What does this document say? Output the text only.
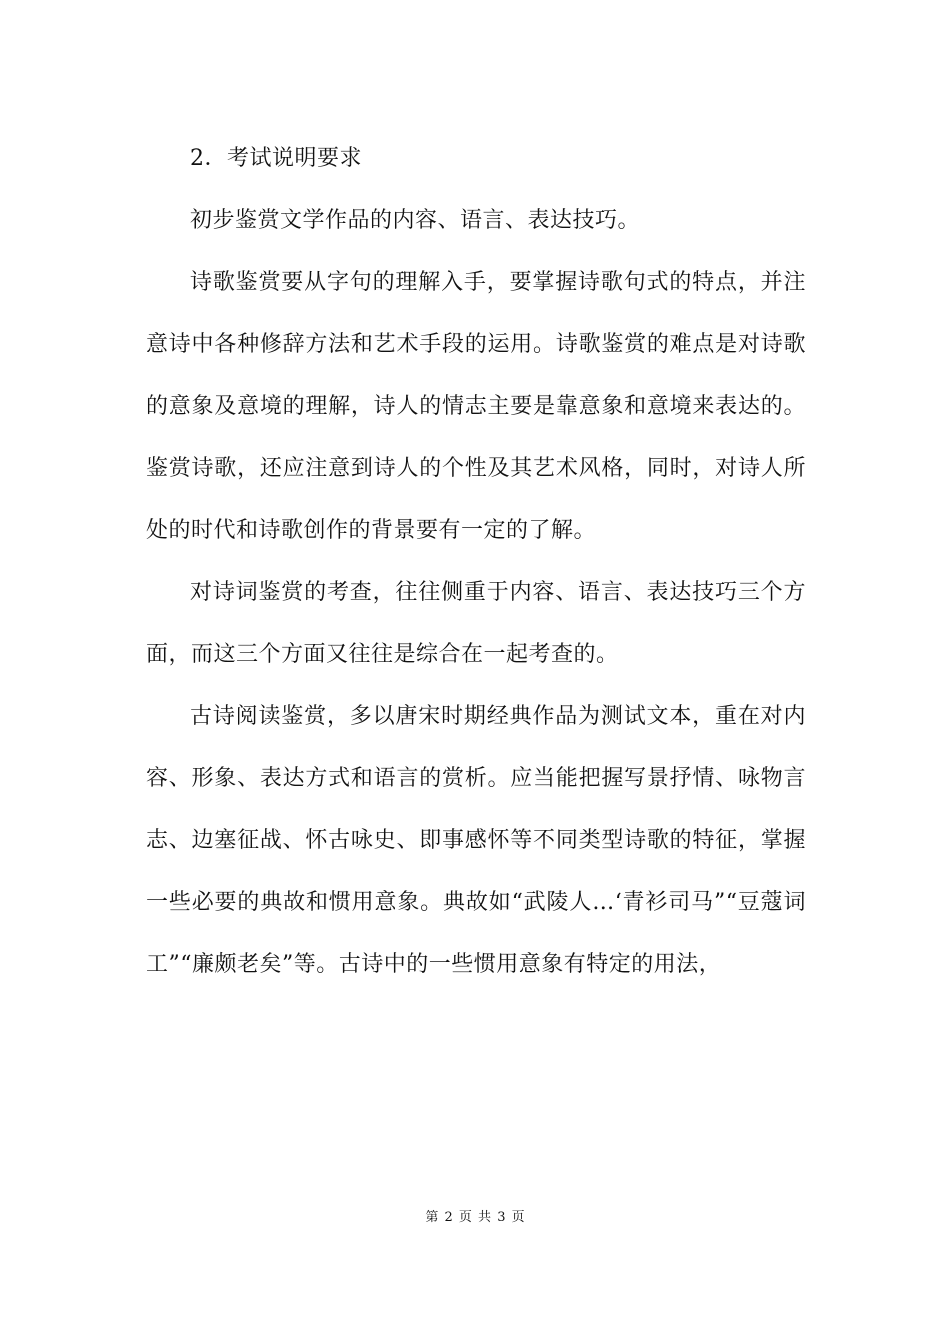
2．考试说明要求

初步鉴赏文学作品的内容、语言、表达技巧。

诗歌鉴赏要从字句的理解入手，要掌握诗歌句式的特点，并注意诗中各种修辞方法和艺术手段的运用。诗歌鉴赏的难点是对诗歌的意象及意境的理解，诗人的情志主要是靠意象和意境来表达的。鉴赏诗歌，还应注意到诗人的个性及其艺术风格，同时，对诗人所处的时代和诗歌创作的背景要有一定的了解。

对诗词鉴赏的考查，往往侧重于内容、语言、表达技巧三个方面，而这三个方面又往往是综合在一起考查的。

古诗阅读鉴赏，多以唐宋时期经典作品为测试文本，重在对内容、形象、表达方式和语言的赏析。应当能把握写景抒情、咏物言志、边塞征战、怀古咏史、即事感怀等不同类型诗歌的特征，掌握一些必要的典故和惯用意象。典故如“武陵人…‘青衫司马”“豆蔻词工”“廉颇老矣”等。古诗中的一些惯用意象有特定的用法，

第 2 页 共 3 页
